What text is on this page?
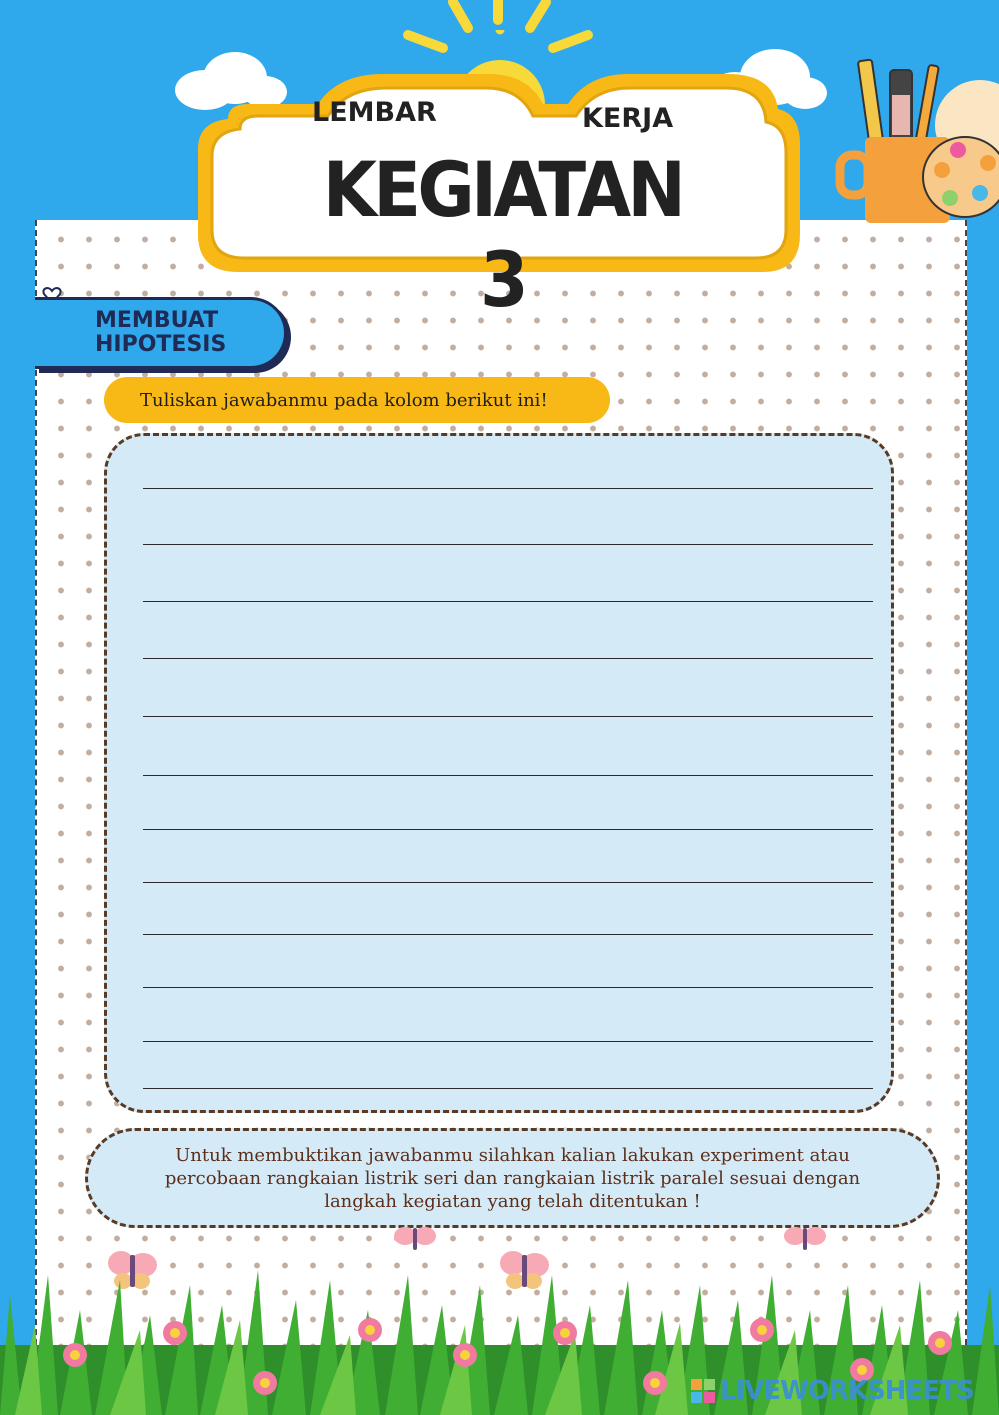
LEMBAR	KERJA
KEGIATAN 3
MEMBUAT
HIPOTESIS
Tuliskan jawabanmu pada kolom berikut ini!

Untuk membuktikan jawabanmu silahkan kalian lakukan experiment atau percobaan rangkaian listrik seri dan rangkaian listrik paralel sesuai dengan langkah kegiatan yang telah ditentukan !

LIVEWORKSHEETS
